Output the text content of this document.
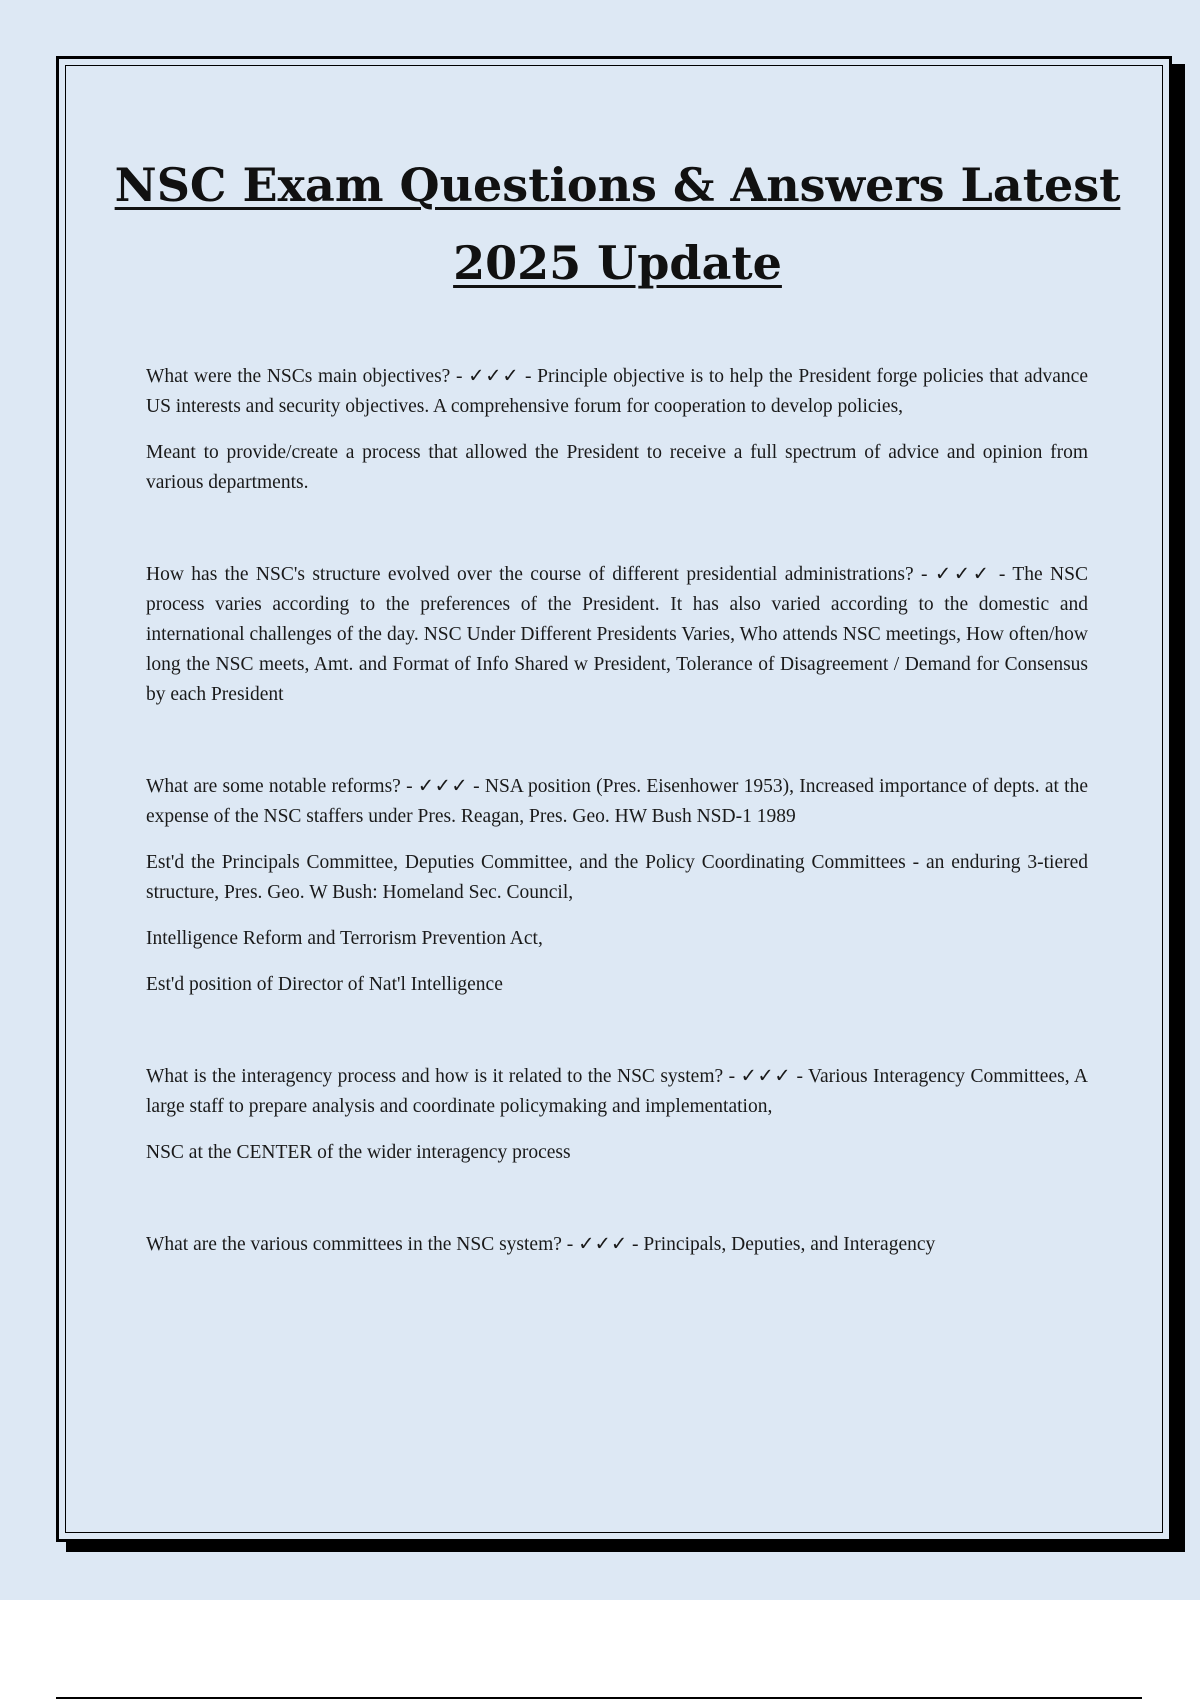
NSC Exam Questions & Answers Latest 2025 Update

What were the NSCs main objectives? - ✓✓✓ - Principle objective is to help the President forge policies that advance US interests and security objectives. A comprehensive forum for cooperation to develop policies,

Meant to provide/create a process that allowed the President to receive a full spectrum of advice and opinion from various departments.

How has the NSC's structure evolved over the course of different presidential administrations? - ✓✓✓ - The NSC process varies according to the preferences of the President. It has also varied according to the domestic and international challenges of the day. NSC Under Different Presidents Varies, Who attends NSC meetings, How often/how long the NSC meets, Amt. and Format of Info Shared w President, Tolerance of Disagreement / Demand for Consensus by each President

What are some notable reforms? - ✓✓✓ - NSA position (Pres. Eisenhower 1953), Increased importance of depts. at the expense of the NSC staffers under Pres. Reagan, Pres. Geo. HW Bush NSD-1 1989

Est'd the Principals Committee, Deputies Committee, and the Policy Coordinating Committees - an enduring 3-tiered structure, Pres. Geo. W Bush: Homeland Sec. Council,

Intelligence Reform and Terrorism Prevention Act,

Est'd position of Director of Nat'l Intelligence

What is the interagency process and how is it related to the NSC system? - ✓✓✓ - Various Interagency Committees, A large staff to prepare analysis and coordinate policymaking and implementation,

NSC at the CENTER of the wider interagency process

What are the various committees in the NSC system? - ✓✓✓ - Principals, Deputies, and Interagency
